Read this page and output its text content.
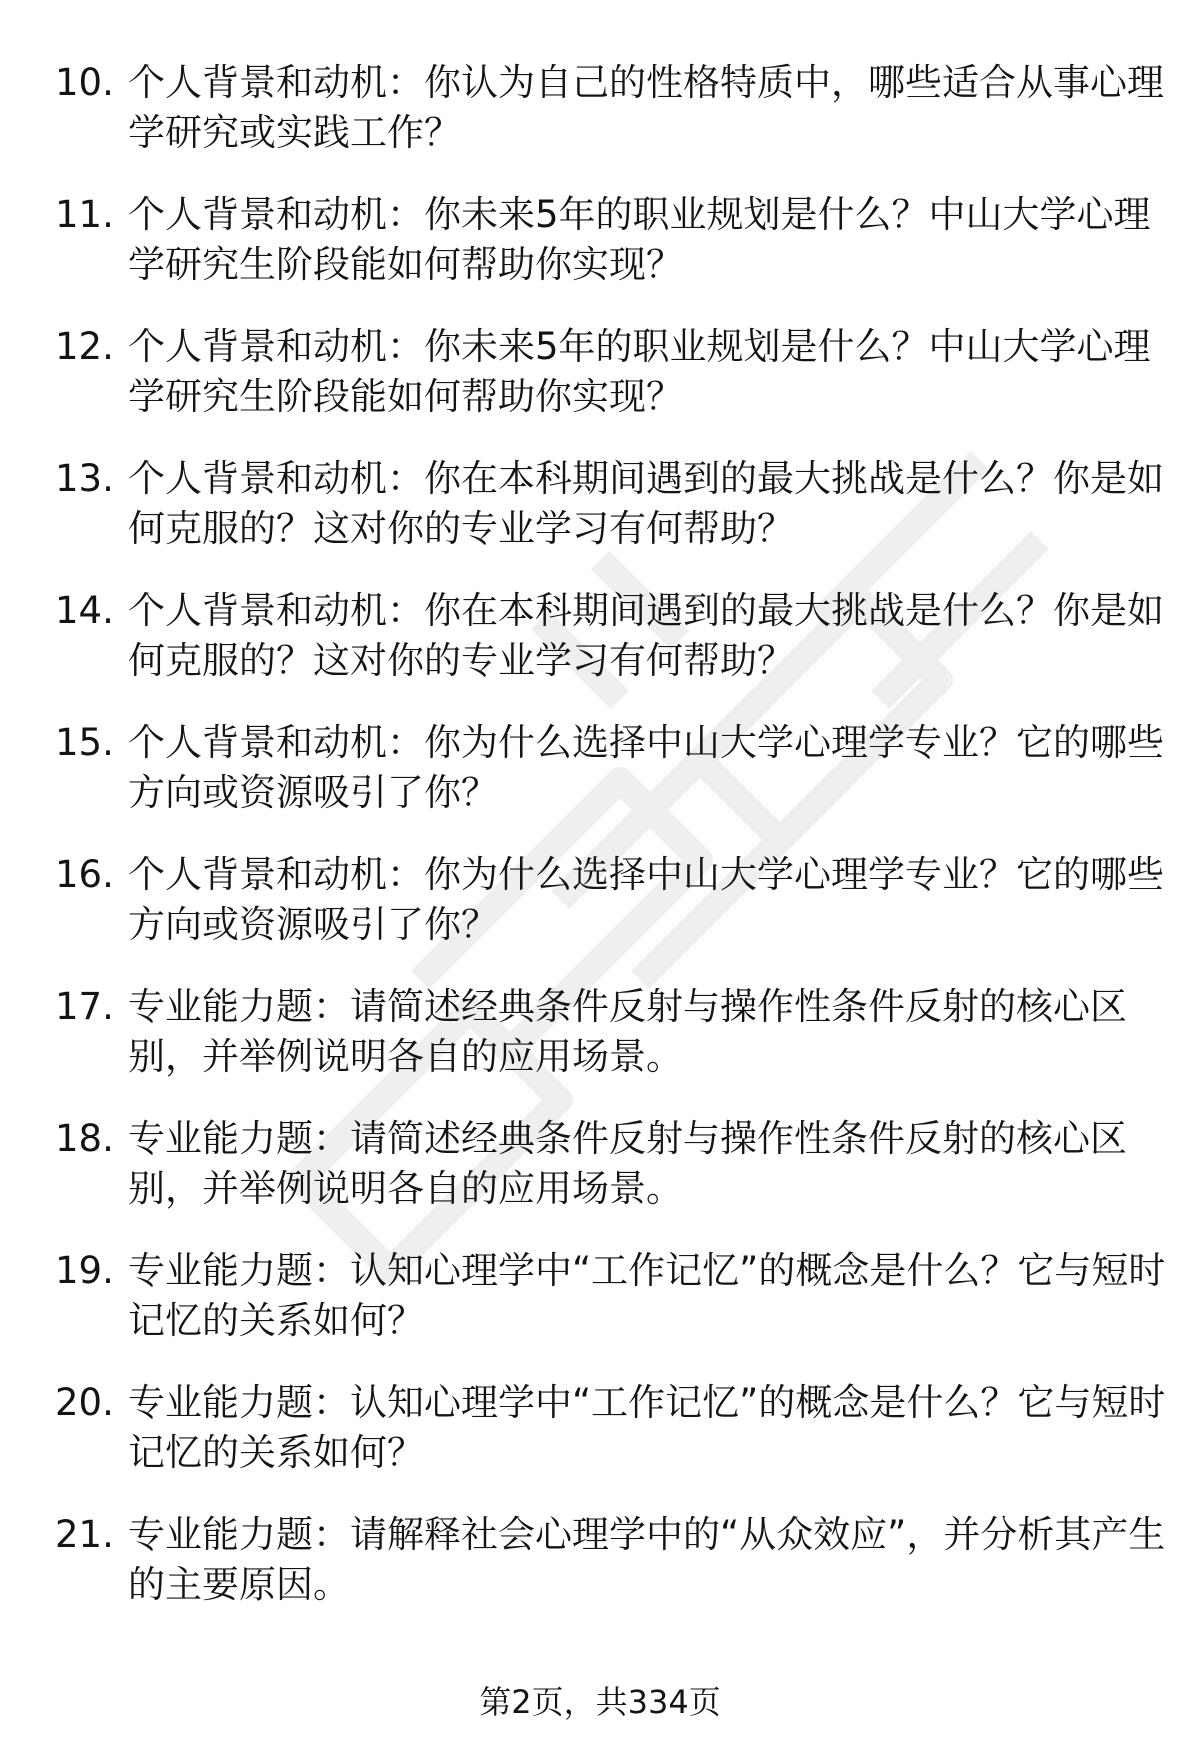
10. 个人背景和动机：你认为自己的性格特质中，哪些适合从事心理学研究或实践工作？
11. 个人背景和动机：你未来5年的职业规划是什么？中山大学心理学研究生阶段能如何帮助你实现？
12. 个人背景和动机：你未来5年的职业规划是什么？中山大学心理学研究生阶段能如何帮助你实现？
13. 个人背景和动机：你在本科期间遇到的最大挑战是什么？你是如何克服的？这对你的专业学习有何帮助？
14. 个人背景和动机：你在本科期间遇到的最大挑战是什么？你是如何克服的？这对你的专业学习有何帮助？
15. 个人背景和动机：你为什么选择中山大学心理学专业？它的哪些方向或资源吸引了你？
16. 个人背景和动机：你为什么选择中山大学心理学专业？它的哪些方向或资源吸引了你？
17. 专业能力题：请简述经典条件反射与操作性条件反射的核心区别，并举例说明各自的应用场景。
18. 专业能力题：请简述经典条件反射与操作性条件反射的核心区别，并举例说明各自的应用场景。
19. 专业能力题：认知心理学中“工作记忆”的概念是什么？它与短时记忆的关系如何？
20. 专业能力题：认知心理学中“工作记忆”的概念是什么？它与短时记忆的关系如何？
21. 专业能力题：请解释社会心理学中的“从众效应”，并分析其产生的主要原因。
第2页，共334页
